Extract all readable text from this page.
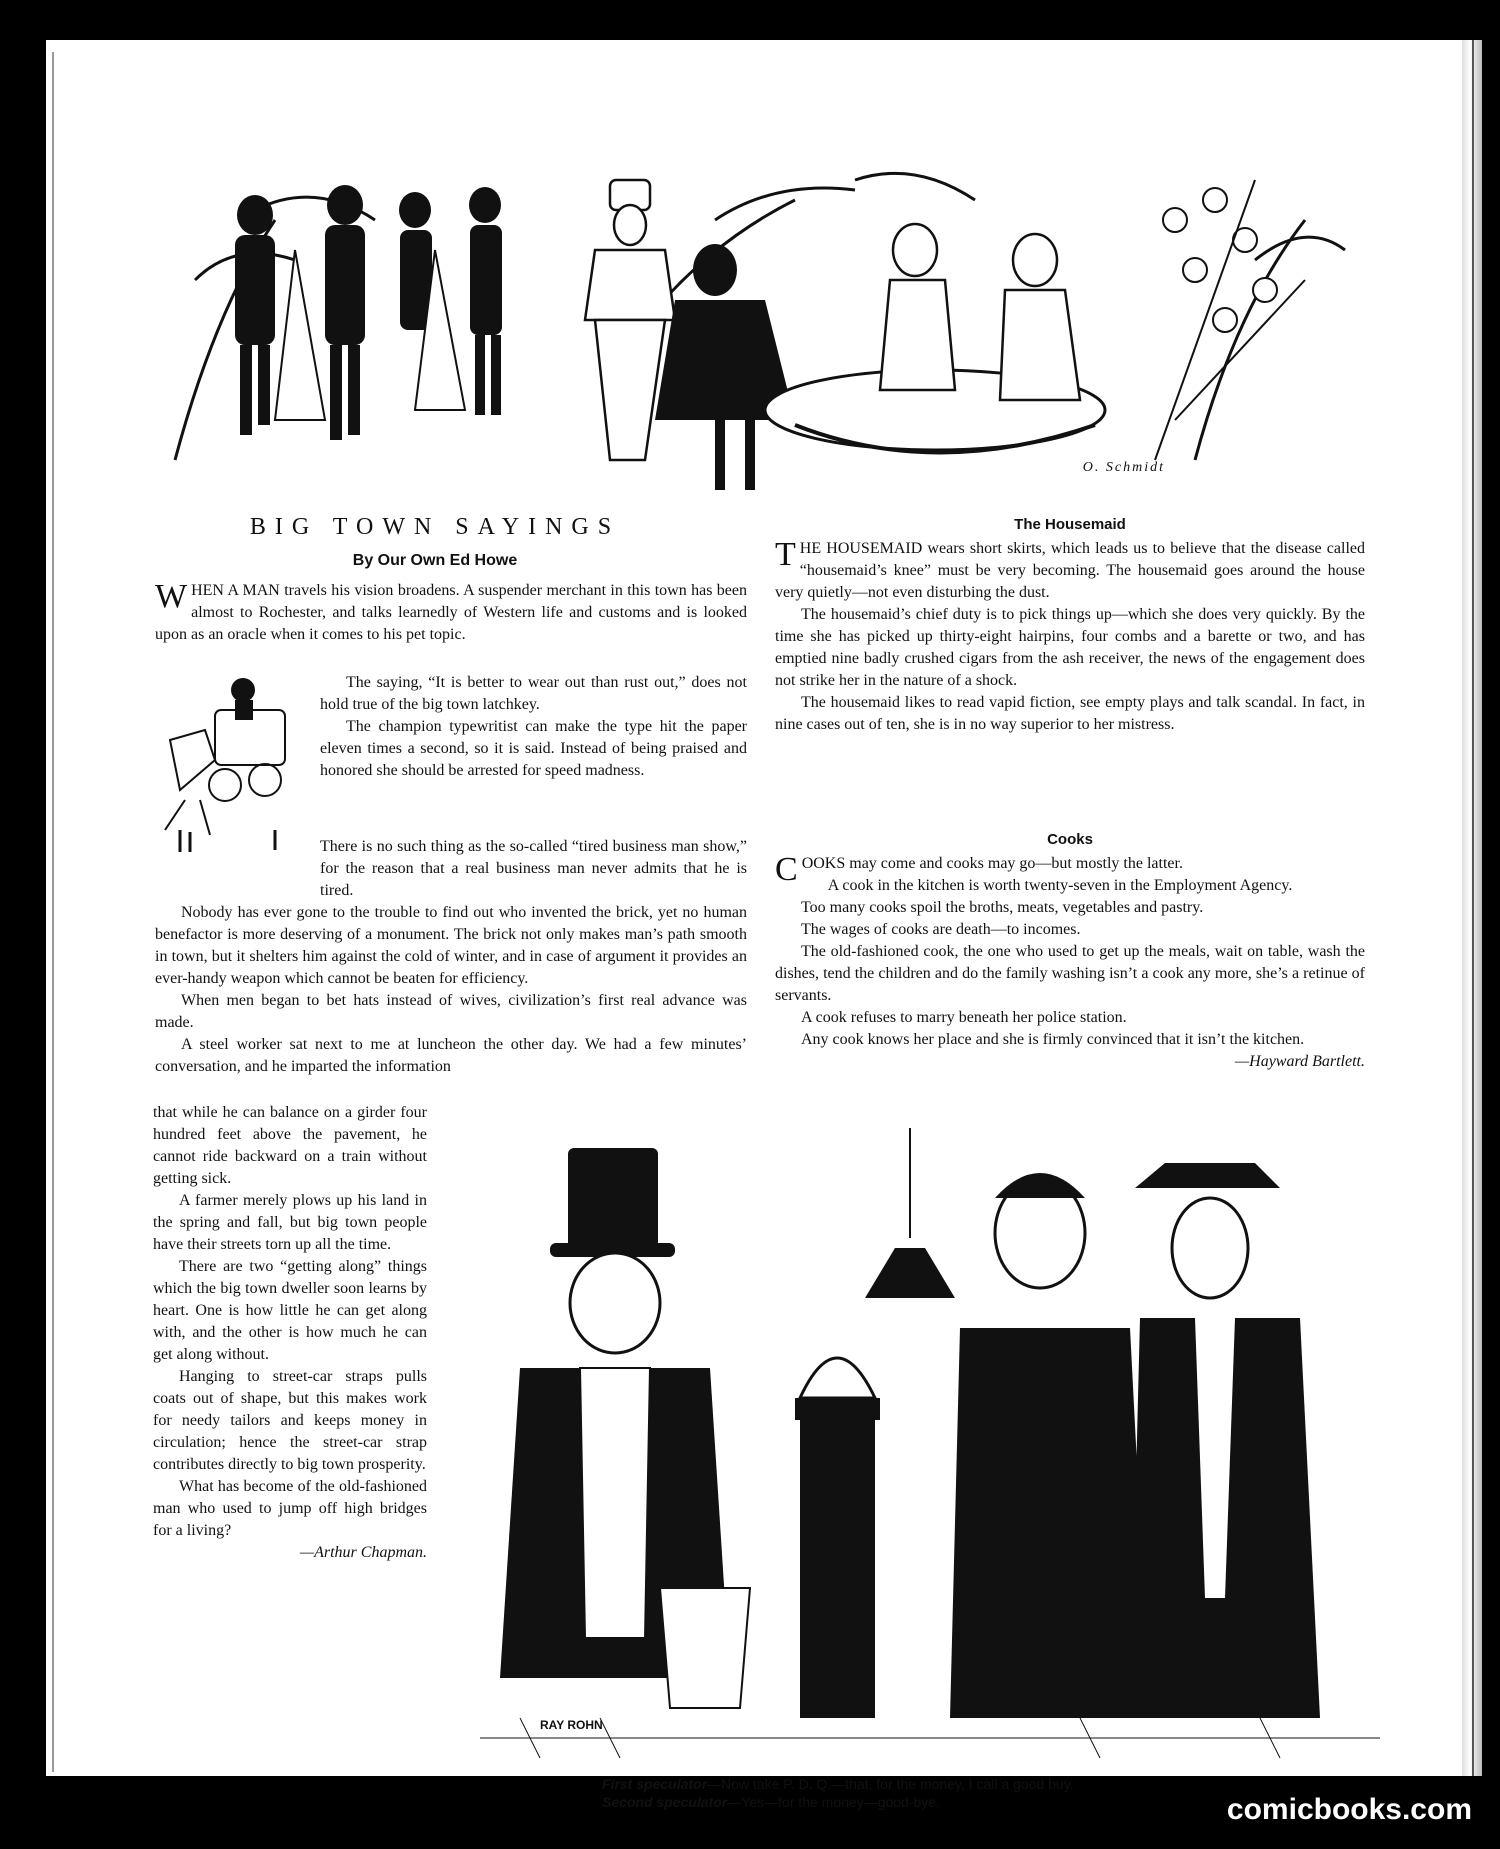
O. Schmidt
BIG TOWN SAYINGS
By Our Own Ed Howe

WHEN A MAN travels his vision broadens. A suspender merchant in this town has been almost to Rochester, and talks learnedly of Western life and customs and is looked upon as an oracle when it comes to his pet topic.

The saying, “It is better to wear out than rust out,” does not hold true of the big town latchkey.

The champion typewritist can make the type hit the paper eleven times a second, so it is said. Instead of being praised and honored she should be arrested for speed madness.

There is no such thing as the so-called “tired business man show,” for the reason that a real business man never admits that he is tired.

Nobody has ever gone to the trouble to find out who invented the brick, yet no human benefactor is more deserving of a monument. The brick not only makes man’s path smooth in town, but it shelters him against the cold of winter, and in case of argument it provides an ever-handy weapon which cannot be beaten for efficiency.

When men began to bet hats instead of wives, civilization’s first real advance was made.

A steel worker sat next to me at luncheon the other day. We had a few minutes’ conversation, and he imparted the information

that while he can balance on a girder four hundred feet above the pavement, he cannot ride backward on a train without getting sick.

A farmer merely plows up his land in the spring and fall, but big town people have their streets torn up all the time.

There are two “getting along” things which the big town dweller soon learns by heart. One is how little he can get along with, and the other is how much he can get along without.

Hanging to street-car straps pulls coats out of shape, but this makes work for needy tailors and keeps money in circulation; hence the street-car strap contributes directly to big town prosperity.

What has become of the old-fashioned man who used to jump off high bridges for a living?

—Arthur Chapman.
The Housemaid

THE HOUSEMAID wears short skirts, which leads us to believe that the disease called “housemaid’s knee” must be very becoming. The housemaid goes around the house very quietly—not even disturbing the dust.

The housemaid’s chief duty is to pick things up—which she does very quickly. By the time she has picked up thirty-eight hairpins, four combs and a barette or two, and has emptied nine badly crushed cigars from the ash receiver, the news of the engagement does not strike her in the nature of a shock.

The housemaid likes to read vapid fiction, see empty plays and talk scandal. In fact, in nine cases out of ten, she is in no way superior to her mistress.

Cooks

COOKS may come and cooks may go—but mostly the latter.

A cook in the kitchen is worth twenty-seven in the Employment Agency.

Too many cooks spoil the broths, meats, vegetables and pastry.

The wages of cooks are death—to incomes.

The old-fashioned cook, the one who used to get up the meals, wait on table, wash the dishes, tend the children and do the family washing isn’t a cook any more, she’s a retinue of servants.

A cook refuses to marry beneath her police station.

Any cook knows her place and she is firmly convinced that it isn’t the kitchen.

—Hayward Bartlett.
RAY ROHN
First speculator—Now take P. D. Q.—that, for the money, I call a good buy.
Second speculator—Yes—for the money—good-bye.	comicbooks.com
